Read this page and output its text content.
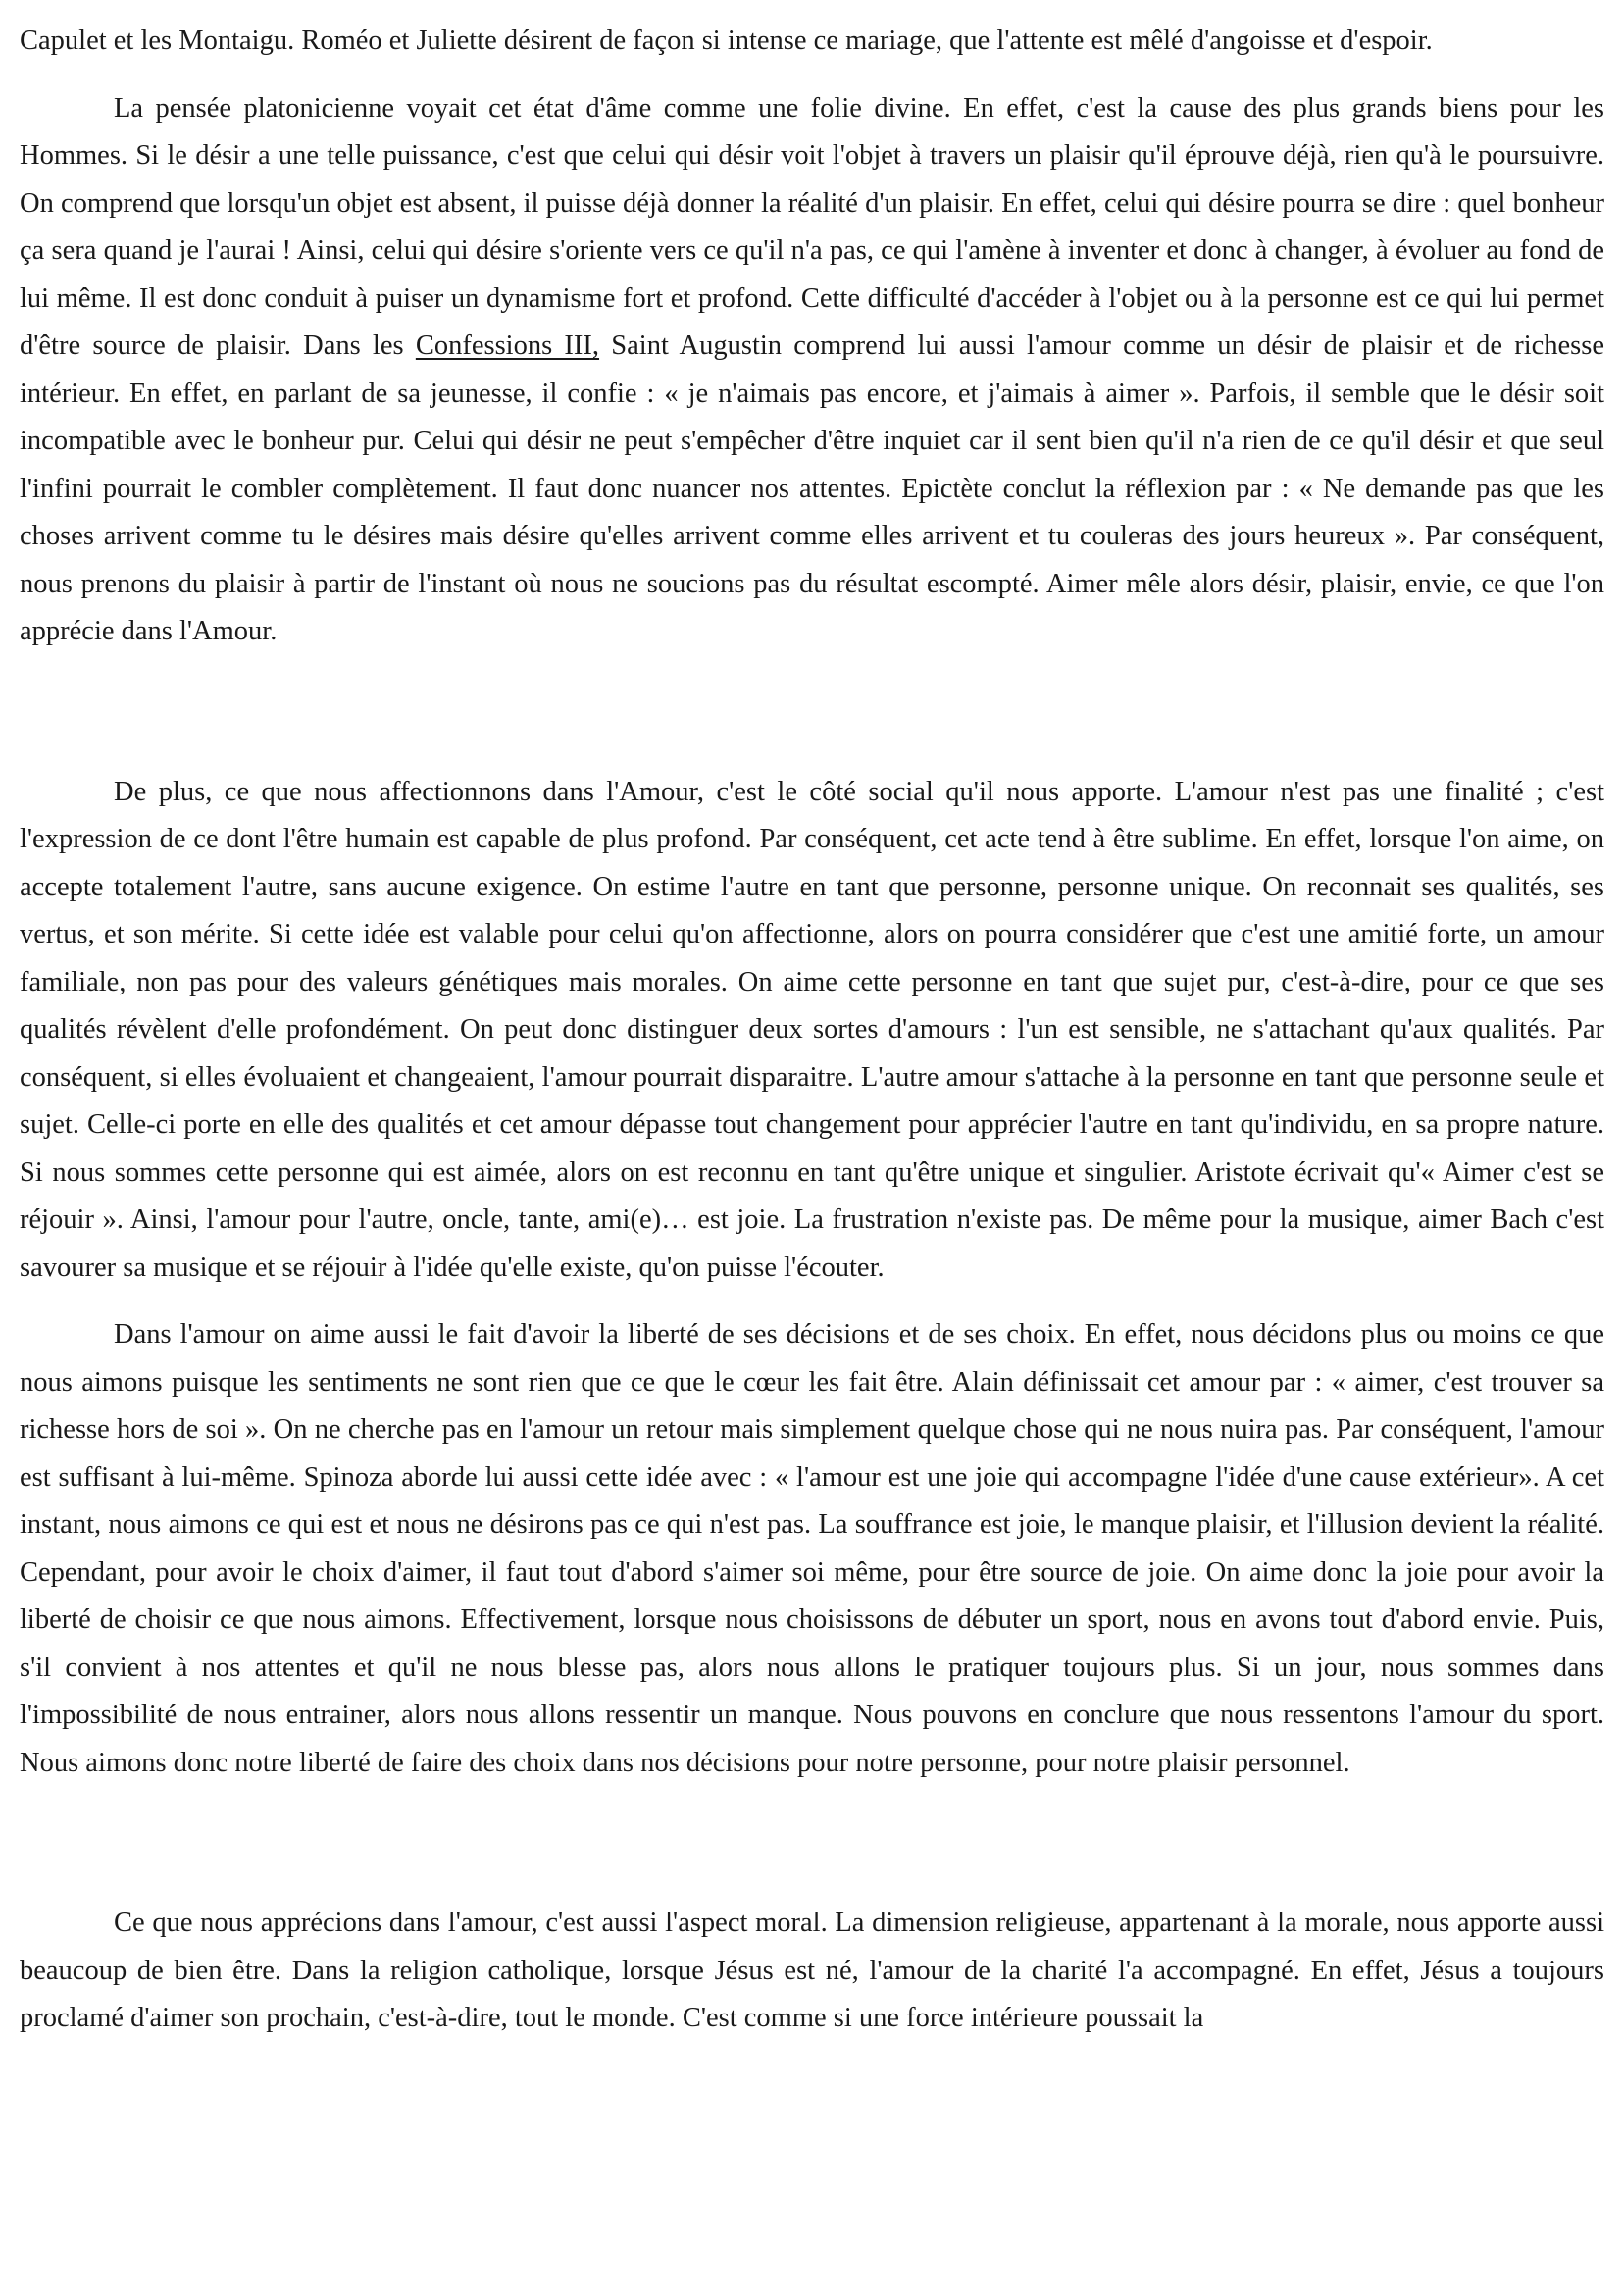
Capulet et les Montaigu. Roméo et Juliette désirent de façon si intense ce mariage, que l'attente est mêlé d'angoisse et d'espoir.

La pensée platonicienne voyait cet état d'âme comme une folie divine. En effet, c'est la cause des plus grands biens pour les Hommes. Si le désir a une telle puissance, c'est que celui qui désir voit l'objet à travers un plaisir qu'il éprouve déjà, rien qu'à le poursuivre. On comprend que lorsqu'un objet est absent, il puisse déjà donner la réalité d'un plaisir. En effet, celui qui désire pourra se dire : quel bonheur ça sera quand je l'aurai ! Ainsi, celui qui désire s'oriente vers ce qu'il n'a pas, ce qui l'amène à inventer et donc à changer, à évoluer au fond de lui même. Il est donc conduit à puiser un dynamisme fort et profond. Cette difficulté d'accéder à l'objet ou à la personne est ce qui lui permet d'être source de plaisir. Dans les Confessions III, Saint Augustin comprend lui aussi l'amour comme un désir de plaisir et de richesse intérieur. En effet, en parlant de sa jeunesse, il confie : « je n'aimais pas encore, et j'aimais à aimer ». Parfois, il semble que le désir soit incompatible avec le bonheur pur. Celui qui désir ne peut s'empêcher d'être inquiet car il sent bien qu'il n'a rien de ce qu'il désir et que seul l'infini pourrait le combler complètement. Il faut donc nuancer nos attentes. Epictète conclut la réflexion par : « Ne demande pas que les choses arrivent comme tu le désires mais désire qu'elles arrivent comme elles arrivent et tu couleras des jours heureux ». Par conséquent, nous prenons du plaisir à partir de l'instant où nous ne soucions pas du résultat escompté. Aimer mêle alors désir, plaisir, envie, ce que l'on apprécie dans l'Amour.

De plus, ce que nous affectionnons dans l'Amour, c'est le côté social qu'il nous apporte. L'amour n'est pas une finalité ; c'est l'expression de ce dont l'être humain est capable de plus profond. Par conséquent, cet acte tend à être sublime. En effet, lorsque l'on aime, on accepte totalement l'autre, sans aucune exigence. On estime l'autre en tant que personne, personne unique. On reconnait ses qualités, ses vertus, et son mérite. Si cette idée est valable pour celui qu'on affectionne, alors on pourra considérer que c'est une amitié forte, un amour familiale, non pas pour des valeurs génétiques mais morales. On aime cette personne en tant que sujet pur, c'est-à-dire, pour ce que ses qualités révèlent d'elle profondément. On peut donc distinguer deux sortes d'amours : l'un est sensible, ne s'attachant qu'aux qualités. Par conséquent, si elles évoluaient et changeaient, l'amour pourrait disparaitre. L'autre amour s'attache à la personne en tant que personne seule et sujet. Celle-ci porte en elle des qualités et cet amour dépasse tout changement pour apprécier l'autre en tant qu'individu, en sa propre nature. Si nous sommes cette personne qui est aimée, alors on est reconnu en tant qu'être unique et singulier. Aristote écrivait qu'« Aimer c'est se réjouir ». Ainsi, l'amour pour l'autre, oncle, tante, ami(e)… est joie. La frustration n'existe pas. De même pour la musique, aimer Bach c'est savourer sa musique et se réjouir à l'idée qu'elle existe, qu'on puisse l'écouter.

Dans l'amour on aime aussi le fait d'avoir la liberté de ses décisions et de ses choix. En effet, nous décidons plus ou moins ce que nous aimons puisque les sentiments ne sont rien que ce que le cœur les fait être. Alain définissait cet amour par : « aimer, c'est trouver sa richesse hors de soi ». On ne cherche pas en l'amour un retour mais simplement quelque chose qui ne nous nuira pas. Par conséquent, l'amour est suffisant à lui-même. Spinoza aborde lui aussi cette idée avec : « l'amour est une joie qui accompagne l'idée d'une cause extérieur». A cet instant, nous aimons ce qui est et nous ne désirons pas ce qui n'est pas. La souffrance est joie, le manque plaisir, et l'illusion devient la réalité. Cependant, pour avoir le choix d'aimer, il faut tout d'abord s'aimer soi même, pour être source de joie. On aime donc la joie pour avoir la liberté de choisir ce que nous aimons. Effectivement, lorsque nous choisissons de débuter un sport, nous en avons tout d'abord envie. Puis, s'il convient à nos attentes et qu'il ne nous blesse pas, alors nous allons le pratiquer toujours plus. Si un jour, nous sommes dans l'impossibilité de nous entrainer, alors nous allons ressentir un manque. Nous pouvons en conclure que nous ressentons l'amour du sport. Nous aimons donc notre liberté de faire des choix dans nos décisions pour notre personne, pour notre plaisir personnel.

Ce que nous apprécions dans l'amour, c'est aussi l'aspect moral. La dimension religieuse, appartenant à la morale, nous apporte aussi beaucoup de bien être. Dans la religion catholique, lorsque Jésus est né, l'amour de la charité l'a accompagné. En effet, Jésus a toujours proclamé d'aimer son prochain, c'est-à-dire, tout le monde. C'est comme si une force intérieure poussait la
